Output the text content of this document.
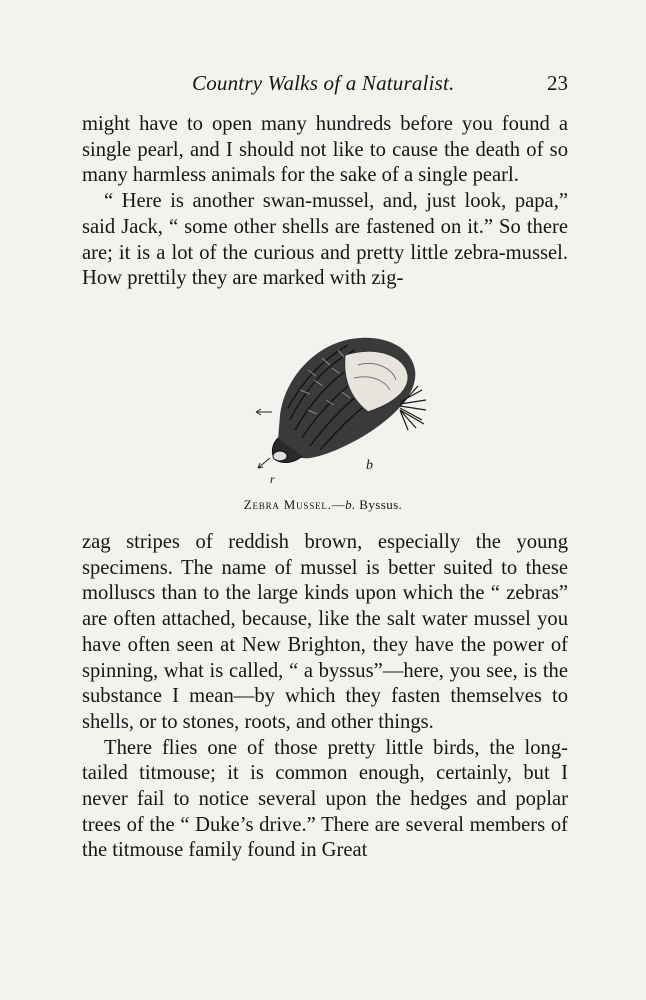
Country Walks of a Naturalist.	23

might have to open many hundreds before you found a single pearl, and I should not like to cause the death of so many harmless animals for the sake of a single pearl.

“ Here is another swan-mussel, and, just look, papa,” said Jack, “ some other shells are fastened on it.” So there are; it is a lot of the curious and pretty little zebra-mussel. How prettily they are marked with zig-

b
r
Zebra Mussel.—b. Byssus.

zag stripes of reddish brown, especially the young specimens. The name of mussel is better suited to these molluscs than to the large kinds upon which the “ zebras” are often attached, because, like the salt water mussel you have often seen at New Brighton, they have the power of spinning, what is called, “ a byssus”—here, you see, is the substance I mean—by which they fasten themselves to shells, or to stones, roots, and other things.

There flies one of those pretty little birds, the long-tailed titmouse; it is common enough, certainly, but I never fail to notice several upon the hedges and poplar trees of the “ Duke’s drive.” There are several members of the titmouse family found in Great
